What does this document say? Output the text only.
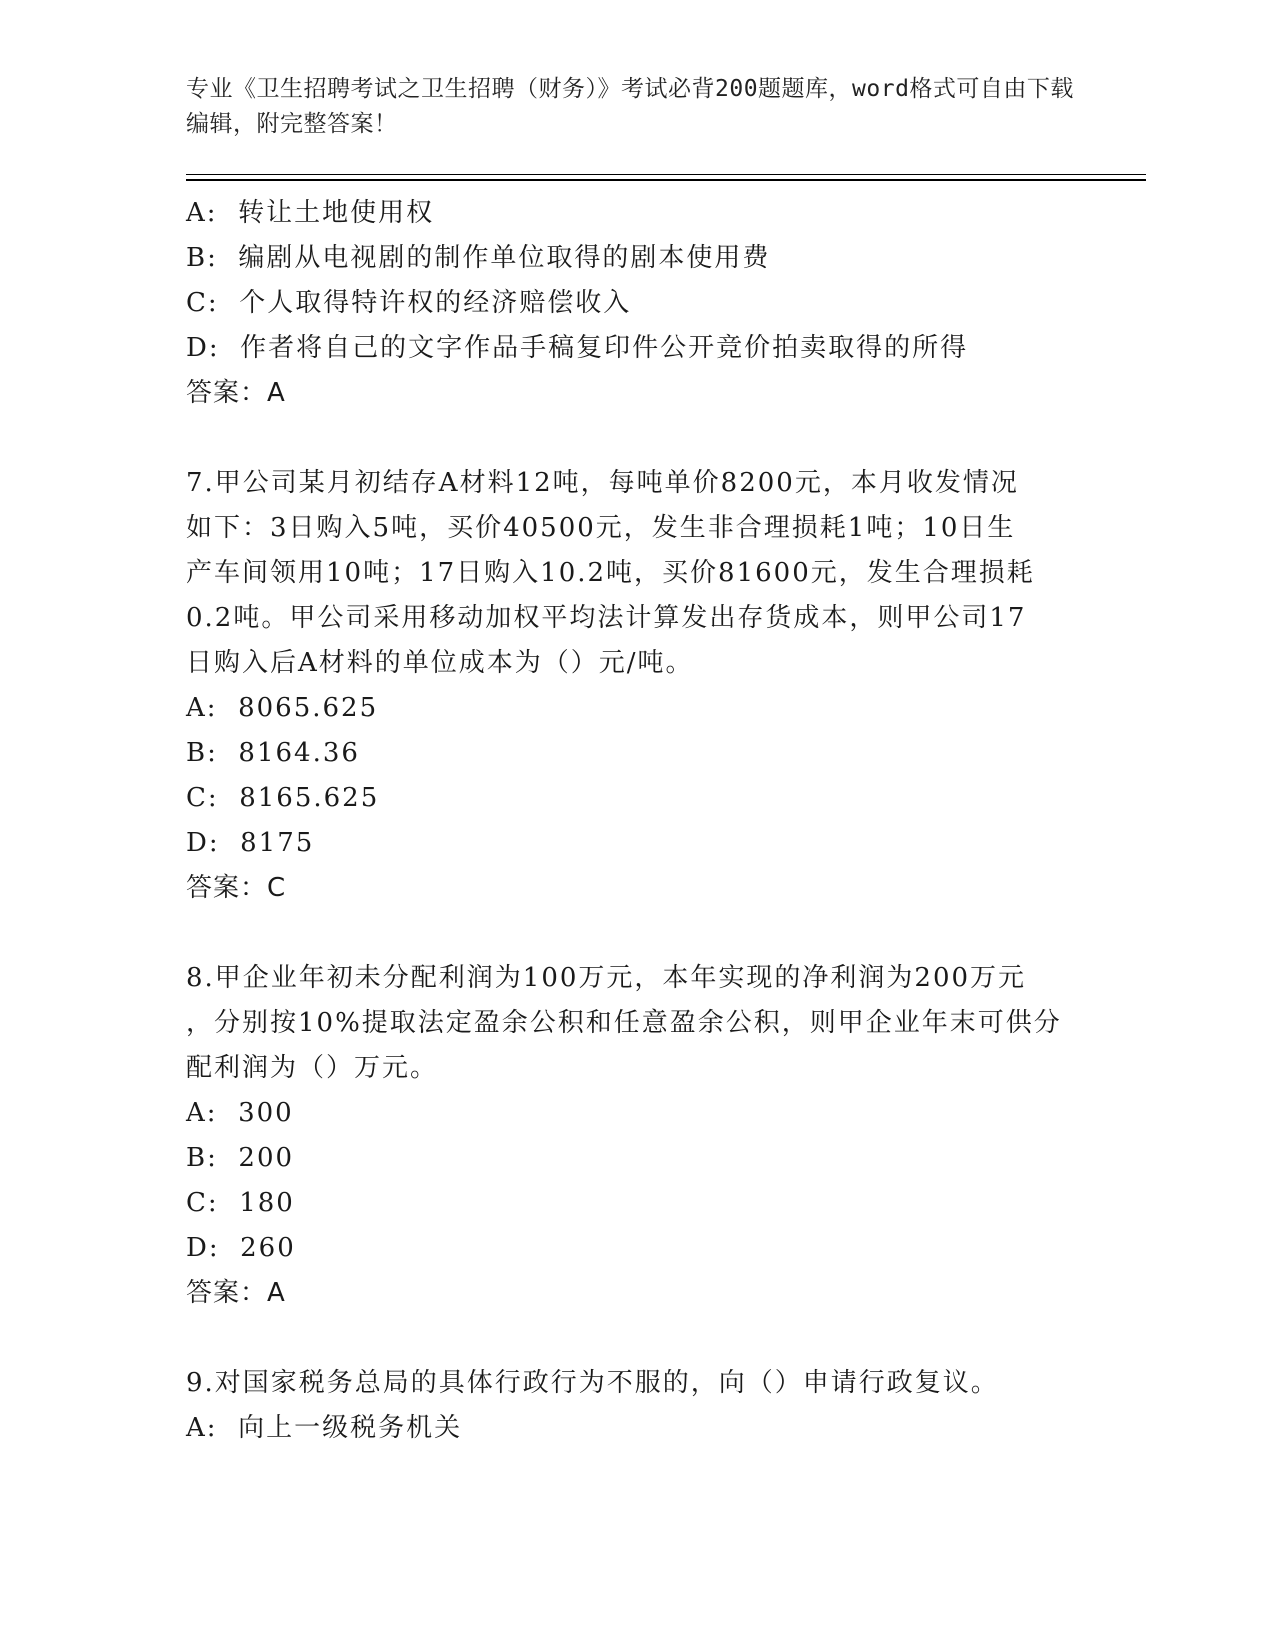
专业《卫生招聘考试之卫生招聘（财务）》考试必背200题题库，word格式可自由下载编辑，附完整答案！
A: 转让土地使用权
B: 编剧从电视剧的制作单位取得的剧本使用费
C: 个人取得特许权的经济赔偿收入
D: 作者将自己的文字作品手稿复印件公开竞价拍卖取得的所得
答案：A
7.甲公司某月初结存A材料12吨，每吨单价8200元，本月收发情况
如下：3日购入5吨，买价40500元，发生非合理损耗1吨；10日生
产车间领用10吨；17日购入10.2吨，买价81600元，发生合理损耗
0.2吨。甲公司采用移动加权平均法计算发出存货成本，则甲公司17
日购入后A材料的单位成本为（）元/吨。
A: 8065.625
B: 8164.36
C: 8165.625
D: 8175
答案：C
8.甲企业年初未分配利润为100万元，本年实现的净利润为200万元
，分别按10%提取法定盈余公积和任意盈余公积，则甲企业年末可供分
配利润为（）万元。
A: 300
B: 200
C: 180
D: 260
答案：A
9.对国家税务总局的具体行政行为不服的，向（）申请行政复议。
A: 向上一级税务机关
